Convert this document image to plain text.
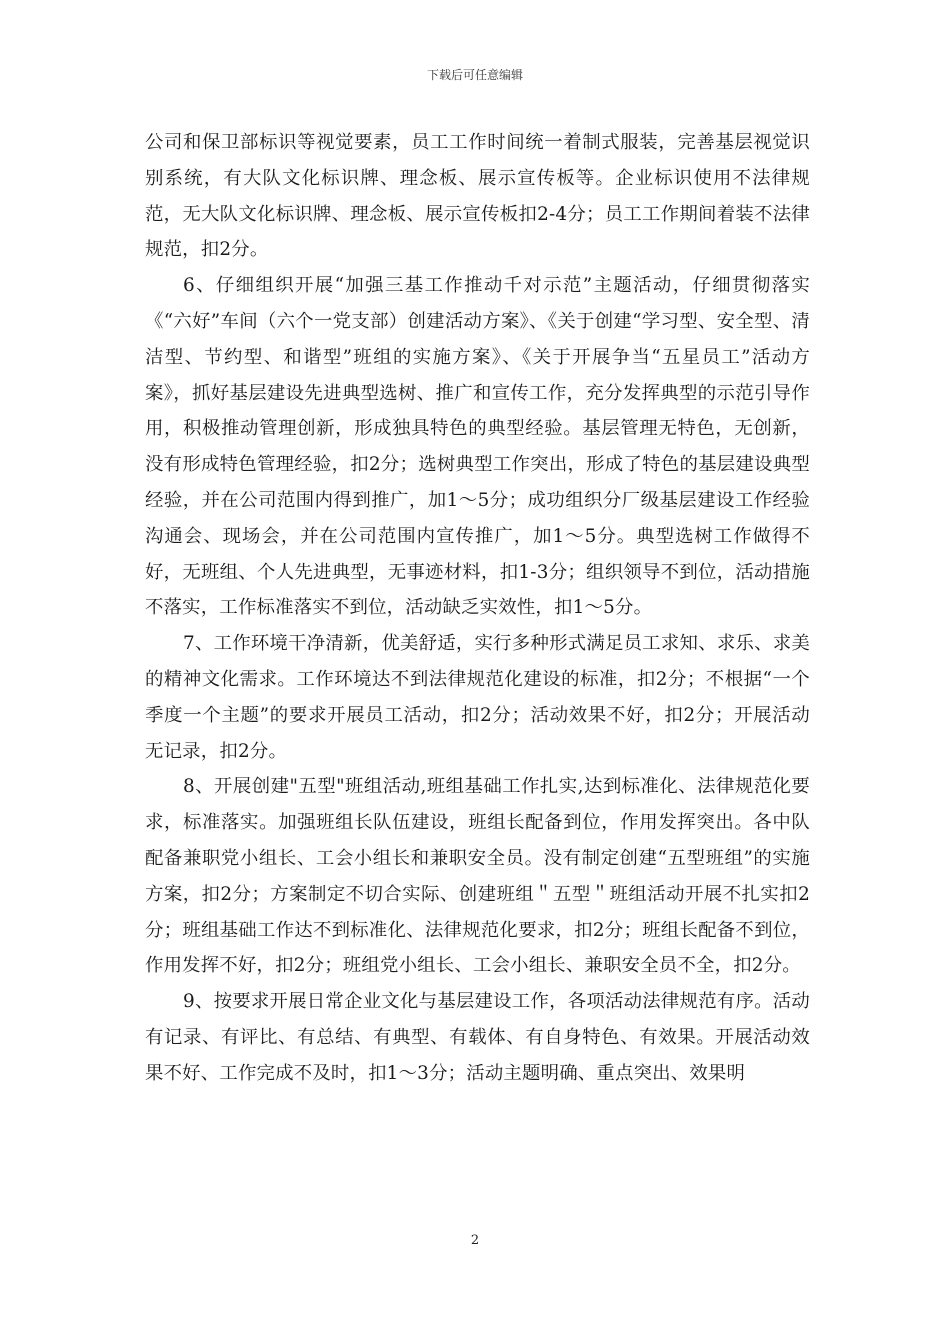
下载后可任意编辑

公司和保卫部标识等视觉要素，员工工作时间统一着制式服装，完善基层视觉识别系统，有大队文化标识牌、理念板、展示宣传板等。企业标识使用不法律规范，无大队文化标识牌、理念板、展示宣传板扣2-4分；员工工作期间着装不法律规范，扣2分。

6、仔细组织开展“加强三基工作推动千对示范”主题活动，仔细贯彻落实《“六好”车间（六个一党支部）创建活动方案》、《关于创建“学习型、安全型、清洁型、节约型、和谐型”班组的实施方案》、《关于开展争当“五星员工”活动方案》，抓好基层建设先进典型选树、推广和宣传工作，充分发挥典型的示范引导作用，积极推动管理创新，形成独具特色的典型经验。基层管理无特色，无创新，没有形成特色管理经验，扣2分；选树典型工作突出，形成了特色的基层建设典型经验，并在公司范围内得到推广，加1～5分；成功组织分厂级基层建设工作经验沟通会、现场会，并在公司范围内宣传推广，加1～5分。典型选树工作做得不好，无班组、个人先进典型，无事迹材料，扣1-3分；组织领导不到位，活动措施不落实，工作标准落实不到位，活动缺乏实效性，扣1～5分。

7、工作环境干净清新，优美舒适，实行多种形式满足员工求知、求乐、求美的精神文化需求。工作环境达不到法律规范化建设的标准，扣2分；不根据“一个季度一个主题”的要求开展员工活动，扣2分；活动效果不好，扣2分；开展活动无记录，扣2分。

8、开展创建"五型"班组活动,班组基础工作扎实,达到标准化、法律规范化要求，标准落实。加强班组长队伍建设，班组长配备到位，作用发挥突出。各中队配备兼职党小组长、工会小组长和兼职安全员。没有制定创建“五型班组”的实施方案，扣2分；方案制定不切合实际、创建班组＂五型＂班组活动开展不扎实扣2分；班组基础工作达不到标准化、法律规范化要求，扣2分；班组长配备不到位，作用发挥不好，扣2分；班组党小组长、工会小组长、兼职安全员不全，扣2分。

9、按要求开展日常企业文化与基层建设工作，各项活动法律规范有序。活动有记录、有评比、有总结、有典型、有载体、有自身特色、有效果。开展活动效果不好、工作完成不及时，扣1～3分；活动主题明确、重点突出、效果明

2
